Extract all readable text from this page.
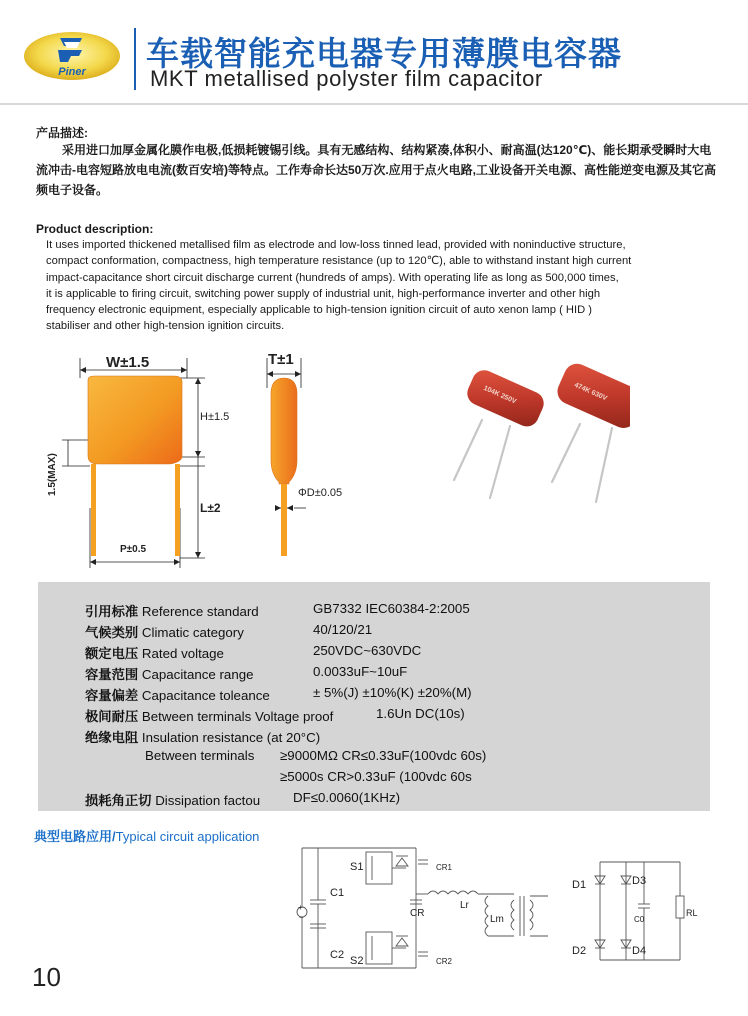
Piner 车载智能充电器专用薄膜电容器
MKT metallised polyster film capacitor
产品描述:
采用进口加厚金属化膜作电极,低损耗镀锡引线。具有无感结构、结构紧凑,体积小、耐高温(达120℃)、能长期承受瞬时大电流冲击-电容短路放电电流(数百安培)等特点。工作寿命长达50万次.应用于点火电路,工业设备开关电源、高性能逆变电源及其它高频电子设备。
Product description:
It uses imported thickened metallised film as electrode and low-loss tinned lead, provided with noninductive structure,
compact conformation, compactness, high temperature resistance (up to 120℃), able to withstand instant high current
impact-capacitance short circuit discharge current (hundreds of amps). With operating life as long as 500,000 times,
it is applicable to firing circuit, switching power supply of industrial unit, high-performance inverter and other high
frequency electronic equipment, especially applicable to high-tension ignition circuit of auto xenon lamp ( HID )
stabiliser and other high-tension ignition circuits.
W±1.5
H±1.5
1.5(MAX)
L±2
P±0.5
T±1
ΦD±0.05
104K 250V	474K 630V
引用标准 Reference standard	GB7332 IEC60384-2:2005
气候类别 Climatic category	40/120/21
额定电压 Rated voltage	250VDC~630VDC
容量范围 Capacitance range	0.0033uF~10uF
容量偏差 Capacitance toleance	± 5%(J) ±10%(K) ±20%(M)
极间耐压 Between terminals Voltage proof	1.6Un DC(10s)
绝缘电阻 Insulation resistance (at 20°C)
Between terminals ≥9000MΩ CR≤0.33uF(100vdc 60s)
≥5000s CR>0.33uF (100vdc 60s
损耗角正切 Dissipation factou DF≤0.0060(1KHz)
典型电路应用/Typical circuit application
C1
C2
S1
S2
CR1
CR2
CR
Lr
Lm
D1
D2
D3
D4
C0
RL
+
−
10
